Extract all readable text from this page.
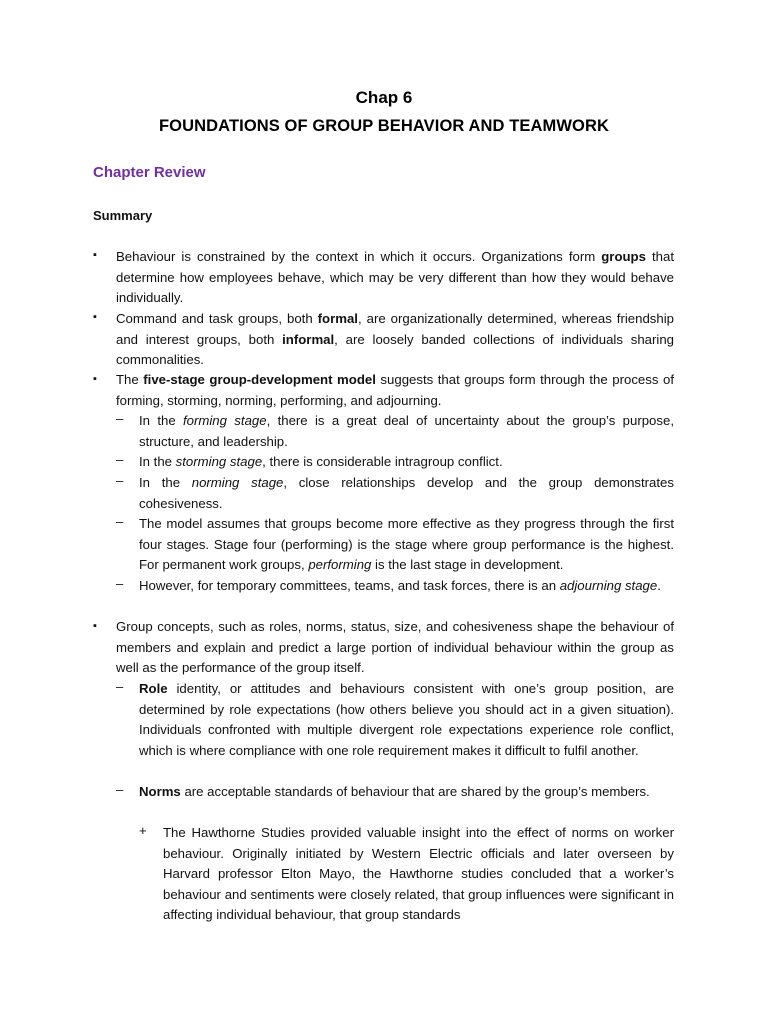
Chap 6
FOUNDATIONS OF GROUP BEHAVIOR AND TEAMWORK
Chapter Review
Summary
▪ Behaviour is constrained by the context in which it occurs. Organizations form groups that determine how employees behave, which may be very different than how they would behave individually.

▪ Command and task groups, both formal, are organizationally determined, whereas friendship and interest groups, both informal, are loosely banded collections of individuals sharing commonalities.

▪ The five-stage group-development model suggests that groups form through the process of forming, storming, norming, performing, and adjourning.

– In the forming stage, there is a great deal of uncertainty about the group’s purpose, structure, and leadership.

– In the storming stage, there is considerable intragroup conflict.

– In the norming stage, close relationships develop and the group demonstrates cohesiveness.

– The model assumes that groups become more effective as they progress through the first four stages. Stage four (performing) is the stage where group performance is the highest. For permanent work groups, performing is the last stage in development.

– However, for temporary committees, teams, and task forces, there is an adjourning stage.

▪ Group concepts, such as roles, norms, status, size, and cohesiveness shape the behaviour of members and explain and predict a large portion of individual behaviour within the group as well as the performance of the group itself.

– Role identity, or attitudes and behaviours consistent with one’s group position, are determined by role expectations (how others believe you should act in a given situation). Individuals confronted with multiple divergent role expectations experience role conflict, which is where compliance with one role requirement makes it difficult to fulfil another.

– Norms are acceptable standards of behaviour that are shared by the group’s members.

+ The Hawthorne Studies provided valuable insight into the effect of norms on worker behaviour. Originally initiated by Western Electric officials and later overseen by Harvard professor Elton Mayo, the Hawthorne studies concluded that a worker’s behaviour and sentiments were closely related, that group influences were significant in affecting individual behaviour, that group standards
